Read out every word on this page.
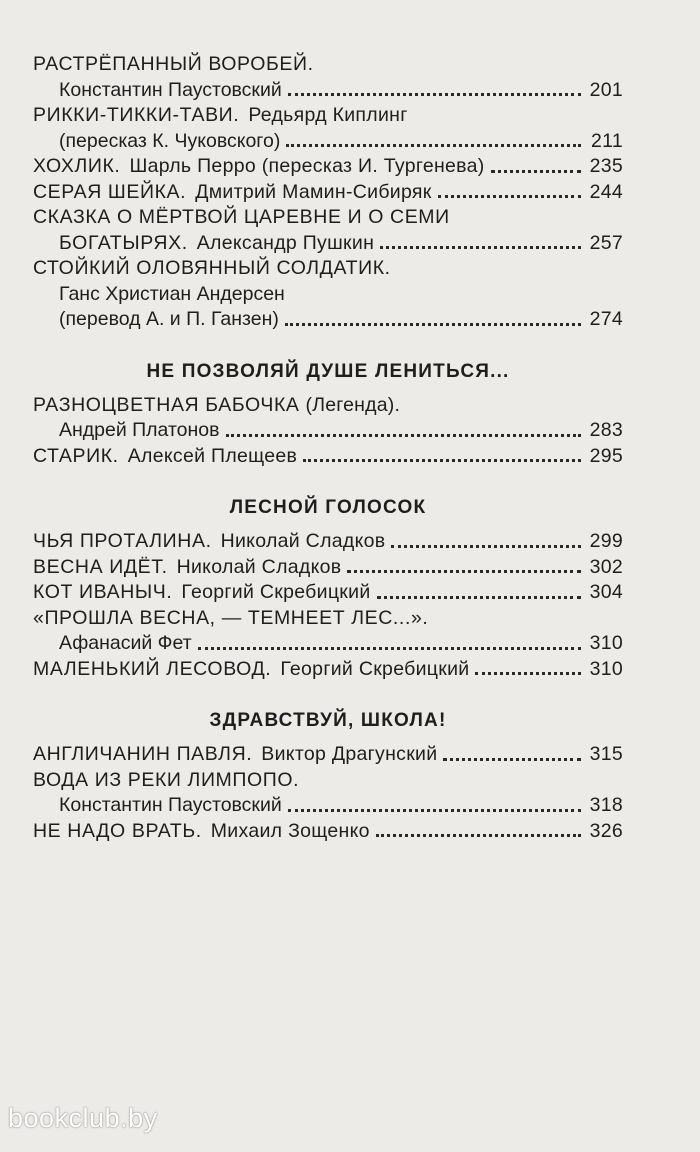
РАСТРЁПАННЫЙ ВОРОБЕЙ.
Константин Паустовский	201
РИККИ-ТИККИ-ТАВИ. Редьярд Киплинг
(пересказ К. Чуковского)	211
ХОХЛИК. Шарль Перро (пересказ И. Тургенева)	235
СЕРАЯ ШЕЙКА. Дмитрий Мамин-Сибиряк	244
СКАЗКА О МЁРТВОЙ ЦАРЕВНЕ И О СЕМИ
БОГАТЫРЯХ. Александр Пушкин	257
СТОЙКИЙ ОЛОВЯННЫЙ СОЛДАТИК.
Ганс Христиан Андерсен
(перевод А. и П. Ганзен)	274
НЕ ПОЗВОЛЯЙ ДУШЕ ЛЕНИТЬСЯ...
РАЗНОЦВЕТНАЯ БАБОЧКА (Легенда).
Андрей Платонов	283
СТАРИК. Алексей Плещеев	295
ЛЕСНОЙ ГОЛОСОК
ЧЬЯ ПРОТАЛИНА. Николай Сладков	299
ВЕСНА ИДЁТ. Николай Сладков	302
КОТ ИВАНЫЧ. Георгий Скребицкий	304
«ПРОШЛА ВЕСНА, — ТЕМНЕЕТ ЛЕС...».
Афанасий Фет	310
МАЛЕНЬКИЙ ЛЕСОВОД. Георгий Скребицкий	310
ЗДРАВСТВУЙ, ШКОЛА!
АНГЛИЧАНИН ПАВЛЯ. Виктор Драгунский	315
ВОДА ИЗ РЕКИ ЛИМПОПО.
Константин Паустовский	318
НЕ НАДО ВРАТЬ. Михаил Зощенко	326
bookclub.by
